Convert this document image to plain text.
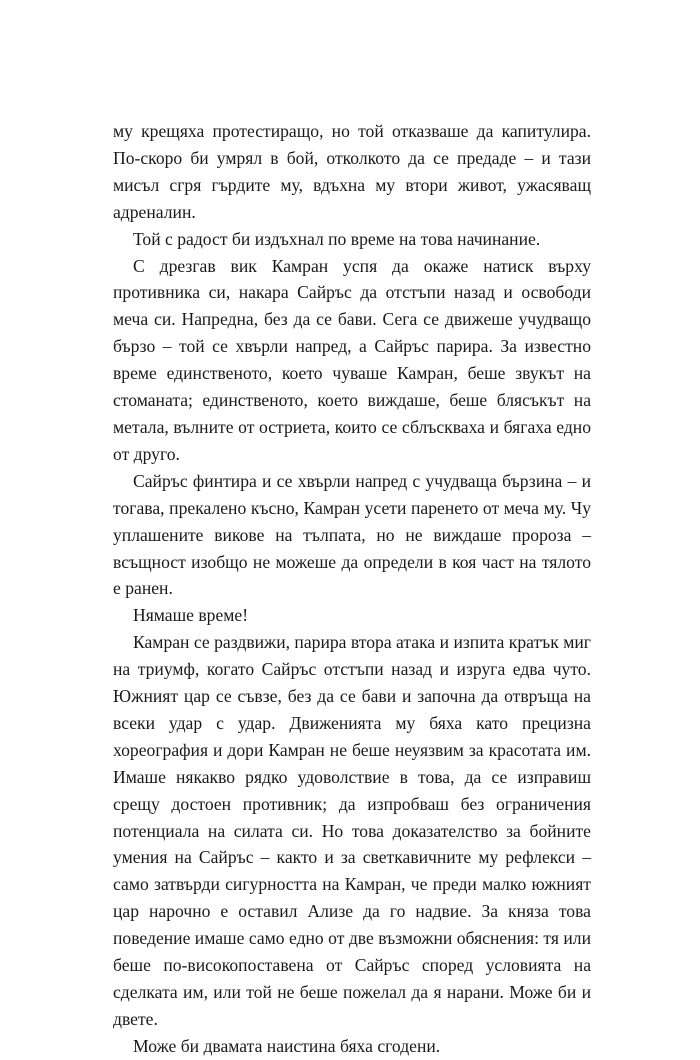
му крещяха протестиращо, но той отказваше да капитулира. По-скоро би умрял в бой, отколкото да се предаде – и тази мисъл сгря гърдите му, вдъхна му втори живот, ужасяващ адреналин.

Той с радост би издъхнал по време на това начинание.

С дрезгав вик Камран успя да окаже натиск върху противника си, накара Сайръс да отстъпи назад и освободи меча си. Напредна, без да се бави. Сега се движеше учудващо бързо – той се хвърли напред, а Сайръс парира. За известно време единственото, което чуваше Камран, беше звукът на стоманата; единственото, което виждаше, беше блясъкът на метала, вълните от остриета, които се сблъскваха и бягаха едно от друго.

Сайръс финтира и се хвърли напред с учудваща бързина – и тогава, прекалено късно, Камран усети паренето от меча му. Чу уплашените викове на тълпата, но не виждаше пророза – всъщност изобщо не можеше да определи в коя част на тялото е ранен.

Нямаше време!

Камран се раздвижи, парира втора атака и изпита кратък миг на триумф, когато Сайръс отстъпи назад и изруга едва чуто. Южният цар се съвзе, без да се бави и започна да отвръща на всеки удар с удар. Движенията му бяха като прецизна хореография и дори Камран не беше неуязвим за красотата им. Имаше някакво рядко удоволствие в това, да се изправиш срещу достоен противник; да изпробваш без ограничения потенциала на силата си. Но това доказателство за бойните умения на Сайръс – както и за светкавичните му рефлекси – само затвърди сигурността на Камран, че преди малко южният цар нарочно е оставил Ализе да го надвие. За княза това поведение имаше само едно от две възможни обяснения: тя или беше по-високопоставена от Сайръс според условията на сделката им, или той не беше пожелал да я нарани. Може би и двете.

Може би двамата наистина бяха сгодени.
